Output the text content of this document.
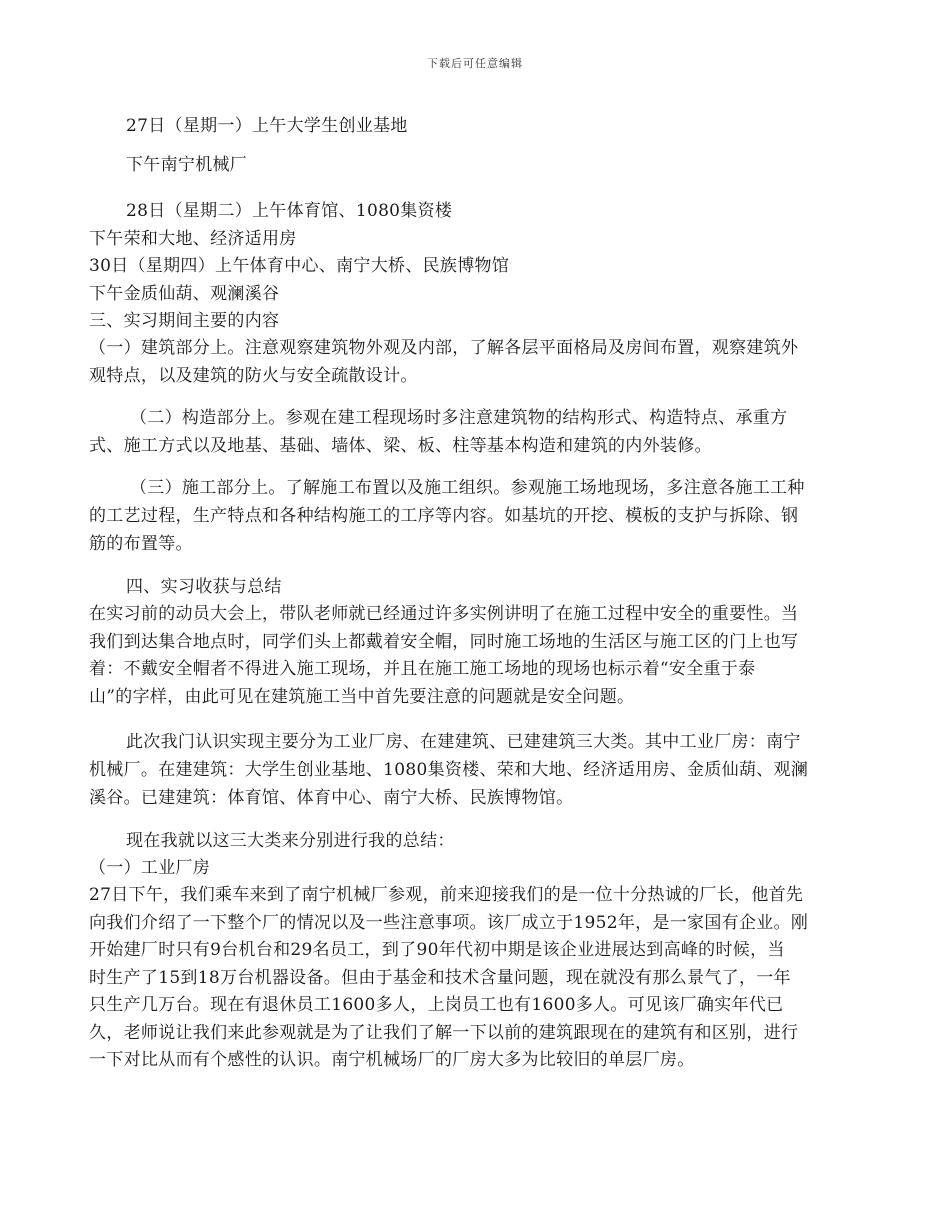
下载后可任意编辑
27日（星期一）上午大学生创业基地
下午南宁机械厂
28日（星期二）上午体育馆、1080集资楼
下午荣和大地、经济适用房
30日（星期四）上午体育中心、南宁大桥、民族博物馆
下午金质仙葫、观澜溪谷
三、实习期间主要的内容
（一）建筑部分上。注意观察建筑物外观及内部，了解各层平面格局及房间布置，观察建筑外
观特点，以及建筑的防火与安全疏散设计。
（二）构造部分上。参观在建工程现场时多注意建筑物的结构形式、构造特点、承重方
式、施工方式以及地基、基础、墙体、梁、板、柱等基本构造和建筑的内外装修。
（三）施工部分上。了解施工布置以及施工组织。参观施工场地现场，多注意各施工工种
的工艺过程，生产特点和各种结构施工的工序等内容。如基坑的开挖、模板的支护与拆除、钢
筋的布置等。
四、实习收获与总结
在实习前的动员大会上，带队老师就已经通过许多实例讲明了在施工过程中安全的重要性。当
我们到达集合地点时，同学们头上都戴着安全帽，同时施工场地的生活区与施工区的门上也写
着：不戴安全帽者不得进入施工现场，并且在施工施工场地的现场也标示着“安全重于泰
山”的字样，由此可见在建筑施工当中首先要注意的问题就是安全问题。
此次我门认识实现主要分为工业厂房、在建建筑、已建建筑三大类。其中工业厂房：南宁
机械厂。在建建筑：大学生创业基地、1080集资楼、荣和大地、经济适用房、金质仙葫、观澜
溪谷。已建建筑：体育馆、体育中心、南宁大桥、民族博物馆。
现在我就以这三大类来分别进行我的总结：
（一）工业厂房
27日下午，我们乘车来到了南宁机械厂参观，前来迎接我们的是一位十分热诚的厂长，他首先
向我们介绍了一下整个厂的情况以及一些注意事项。该厂成立于1952年，是一家国有企业。刚
开始建厂时只有9台机台和29名员工，到了90年代初中期是该企业进展达到高峰的时候，当
时生产了15到18万台机器设备。但由于基金和技术含量问题，现在就没有那么景气了，一年
只生产几万台。现在有退休员工1600多人，上岗员工也有1600多人。可见该厂确实年代已
久，老师说让我们来此参观就是为了让我们了解一下以前的建筑跟现在的建筑有和区别，进行
一下对比从而有个感性的认识。南宁机械场厂的厂房大多为比较旧的单层厂房。
